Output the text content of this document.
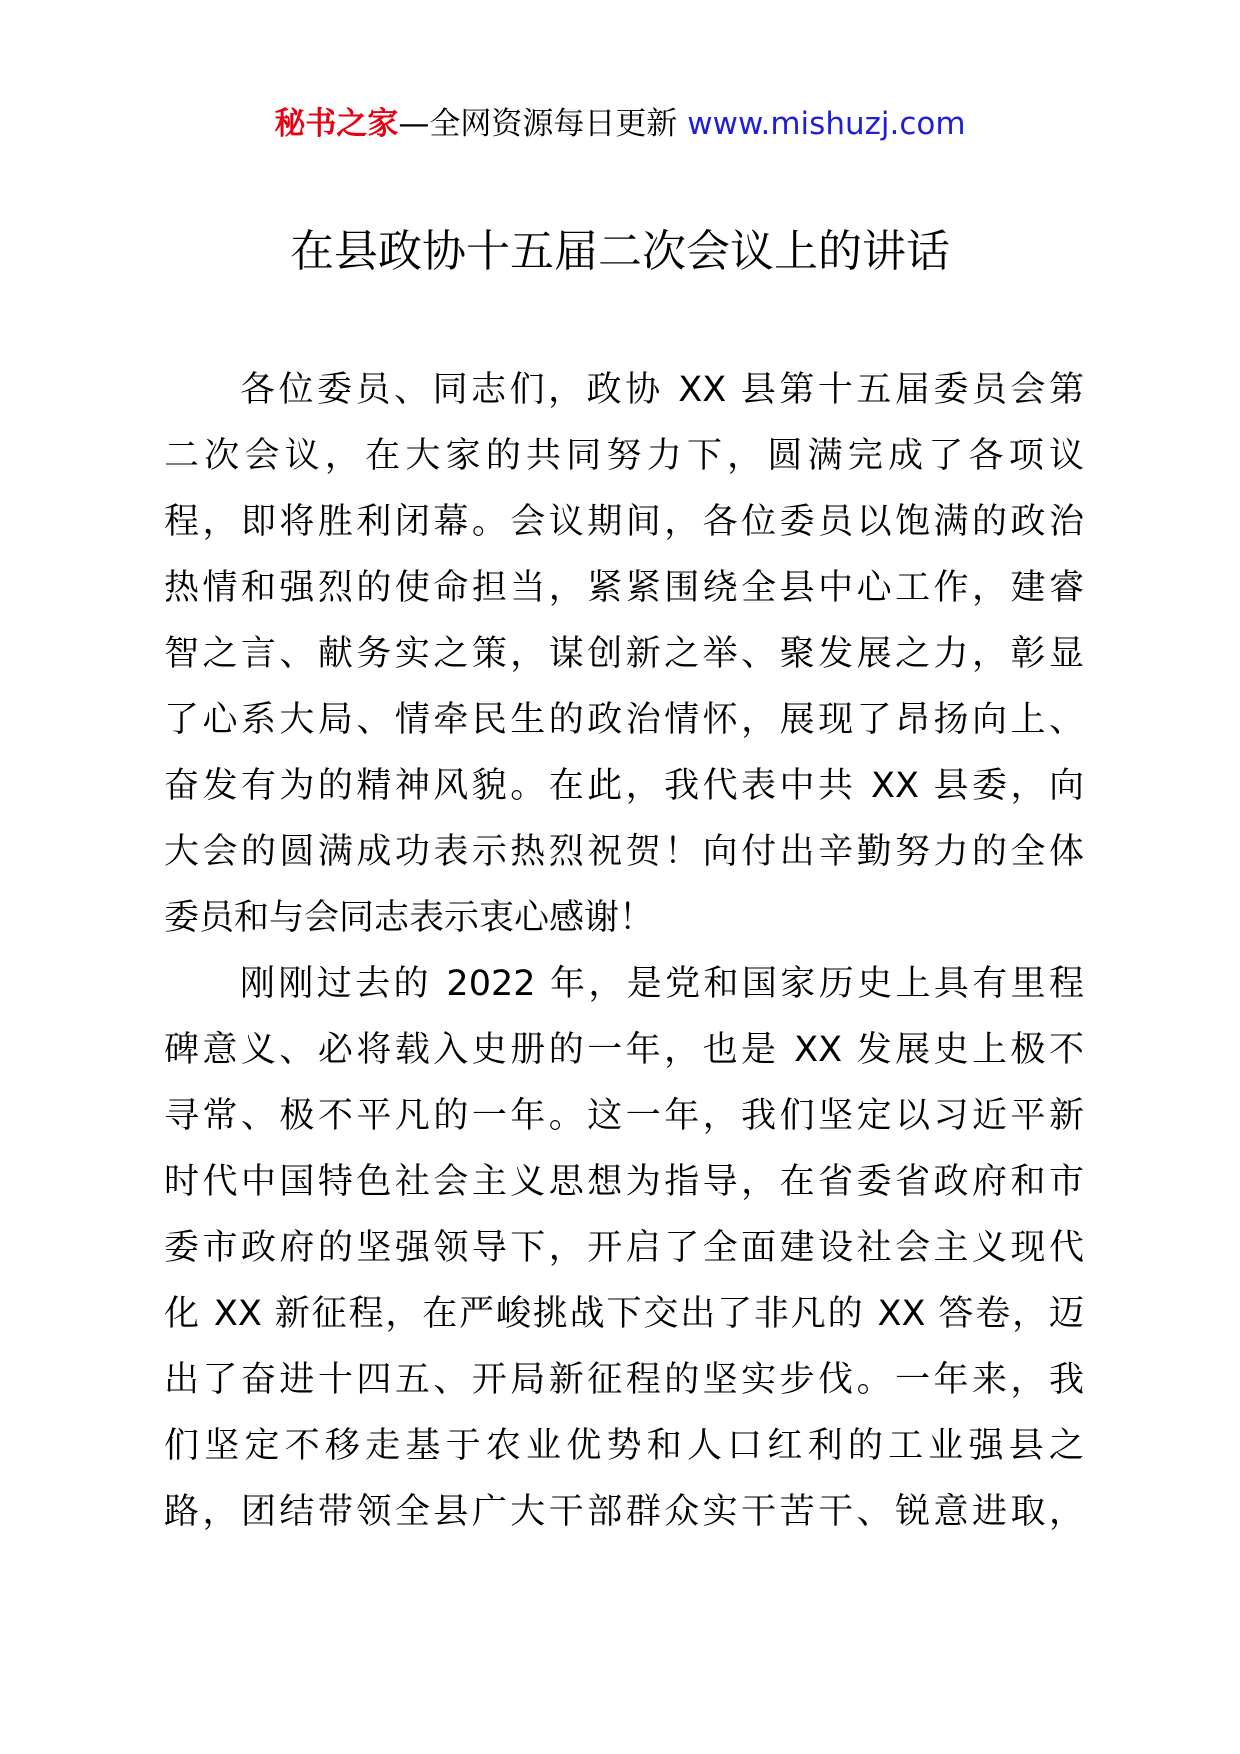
秘书之家—全网资源每日更新 www.mishuzj.com
在县政协十五届二次会议上的讲话
各位委员、同志们，政协 XX 县第十五届委员会第
二次会议，在大家的共同努力下，圆满完成了各项议
程，即将胜利闭幕。会议期间，各位委员以饱满的政治
热情和强烈的使命担当，紧紧围绕全县中心工作，建睿
智之言、献务实之策，谋创新之举、聚发展之力，彰显
了心系大局、情牵民生的政治情怀，展现了昂扬向上、
奋发有为的精神风貌。在此，我代表中共 XX 县委，向
大会的圆满成功表示热烈祝贺！向付出辛勤努力的全体
委员和与会同志表示衷心感谢！
刚刚过去的 2022 年，是党和国家历史上具有里程
碑意义、必将载入史册的一年，也是 XX 发展史上极不
寻常、极不平凡的一年。这一年，我们坚定以习近平新
时代中国特色社会主义思想为指导，在省委省政府和市
委市政府的坚强领导下，开启了全面建设社会主义现代
化 XX 新征程，在严峻挑战下交出了非凡的 XX 答卷，迈
出了奋进十四五、开局新征程的坚实步伐。一年来，我
们坚定不移走基于农业优势和人口红利的工业强县之
路，团结带领全县广大干部群众实干苦干、锐意进取，
